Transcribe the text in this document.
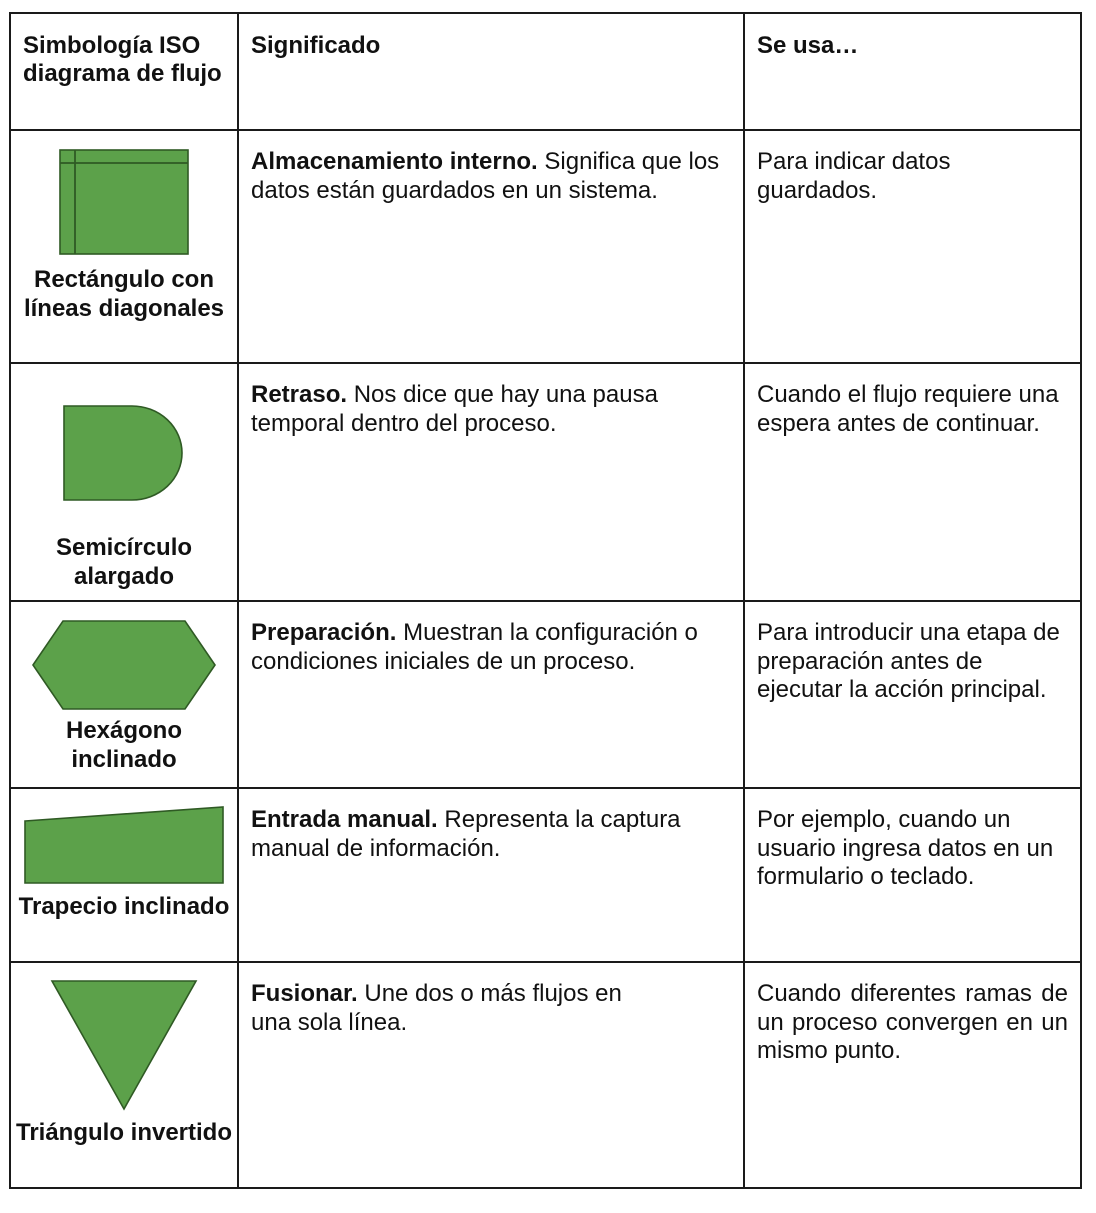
Simbología ISO diagrama de flujo	Significado	Se usa…

Rectángulo con líneas diagonales	Almacenamiento interno. Significa que los datos están guardados en un sistema.	Para indicar datos guardados.

Semicírculo alargado	Retraso. Nos dice que hay una pausa temporal dentro del proceso.	Cuando el flujo requiere una espera antes de continuar.

Hexágono inclinado	Preparación. Muestran la configuración o condiciones iniciales de un proceso.	Para introducir una etapa de preparación antes de ejecutar la acción principal.

Trapecio inclinado	Entrada manual. Representa la captura manual de información.	Por ejemplo, cuando un usuario ingresa datos en un formulario o teclado.

Triángulo invertido	Fusionar. Une dos o más flujos en una sola línea.	Cuando diferentes ramas de un proceso convergen en un mismo punto.
